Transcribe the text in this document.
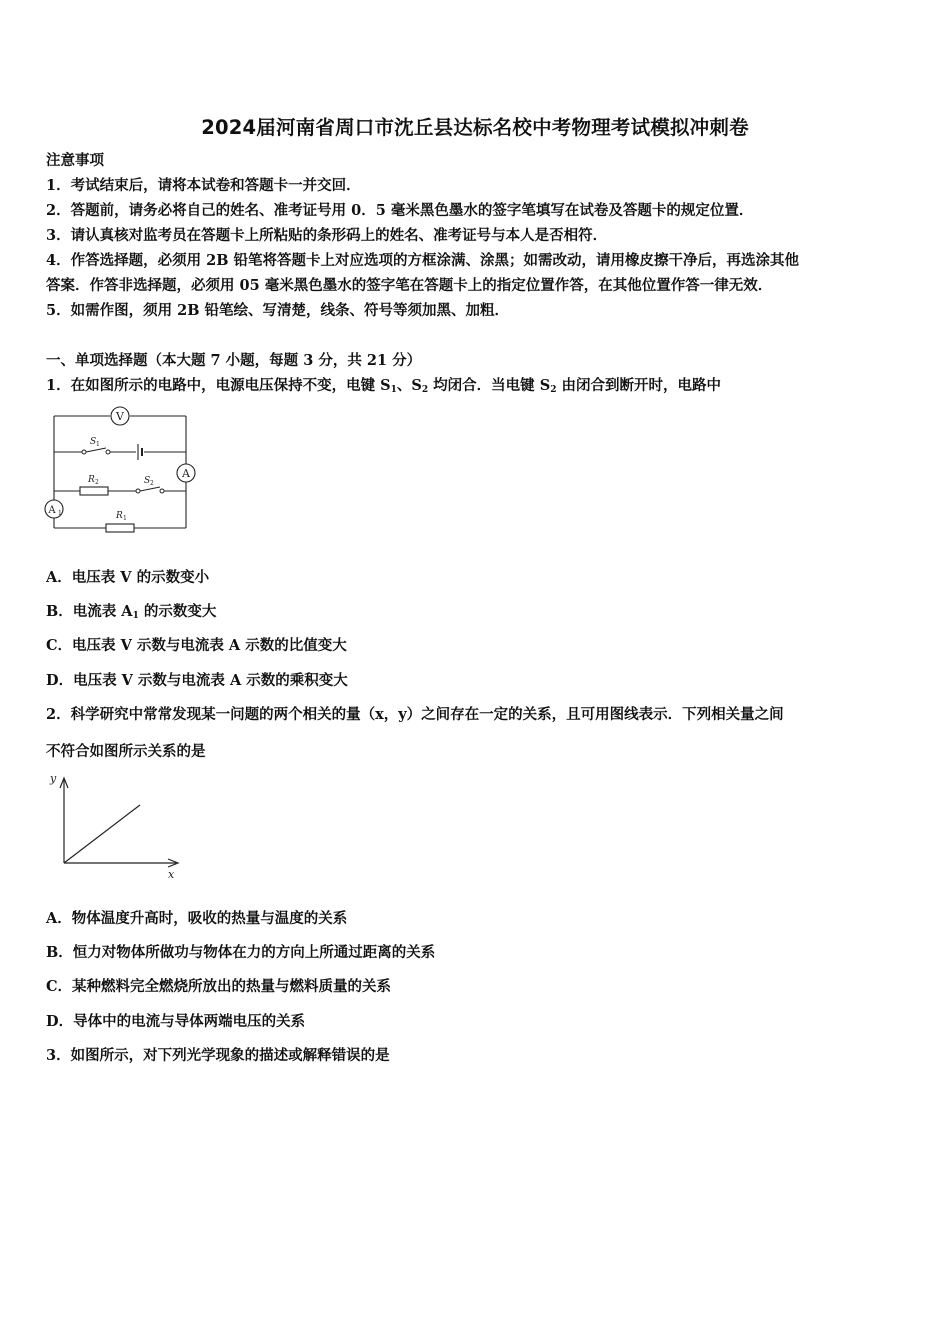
2024届河南省周口市沈丘县达标名校中考物理考试模拟冲刺卷
注意事项
1．考试结束后，请将本试卷和答题卡一并交回．
2．答题前，请务必将自己的姓名、准考证号用 0．5 毫米黑色墨水的签字笔填写在试卷及答题卡的规定位置．
3．请认真核对监考员在答题卡上所粘贴的条形码上的姓名、准考证号与本人是否相符．
4．作答选择题，必须用 2B 铅笔将答题卡上对应选项的方框涂满、涂黑；如需改动，请用橡皮擦干净后，再选涂其他
答案．作答非选择题，必须用 05 毫米黑色墨水的签字笔在答题卡上的指定位置作答，在其他位置作答一律无效．
5．如需作图，须用 2B 铅笔绘、写清楚，线条、符号等须加黑、加粗．
一、单项选择题（本大题 7 小题，每题 3 分，共 21 分）
1．在如图所示的电路中，电源电压保持不变，电键 $S_1$、$S_2$ 均闭合．当电键 $S_2$ 由闭合到断开时，电路中
V
A
A 1
S 1
S 2
R 2
R 1
A．电压表 V 的示数变小
B．电流表 $A_1$ 的示数变大
C．电压表 V 示数与电流表 A 示数的比值变大
D．电压表 V 示数与电流表 A 示数的乘积变大
2．科学研究中常常发现某一问题的两个相关的量（x，y）之间存在一定的关系，且可用图线表示．下列相关量之间
不符合如图所示关系的是
y
x
A．物体温度升高时，吸收的热量与温度的关系
B．恒力对物体所做功与物体在力的方向上所通过距离的关系
C．某种燃料完全燃烧所放出的热量与燃料质量的关系
D．导体中的电流与导体两端电压的关系
3．如图所示，对下列光学现象的描述或解释错误的是
